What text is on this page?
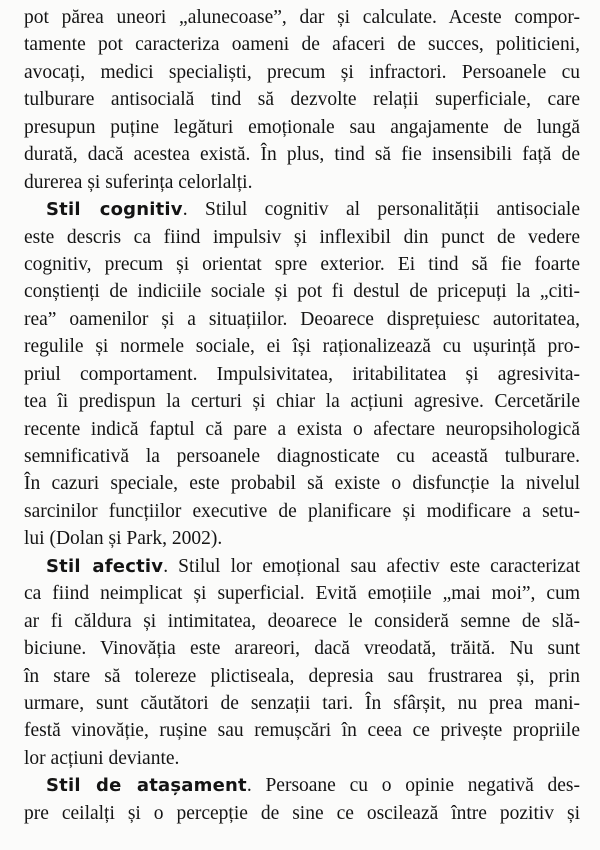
pot părea uneori „alunecoase”, dar și calculate. Aceste compor-
tamente pot caracteriza oameni de afaceri de succes, politicieni,
avocați, medici specialiști, precum și infractori. Persoanele cu
tulburare antisocială tind să dezvolte relații superficiale, care
presupun puține legături emoționale sau angajamente de lungă
durată, dacă acestea există. În plus, tind să fie insensibili față de
durerea și suferința celorlalți.
Stil cognitiv. Stilul cognitiv al personalității antisociale
este descris ca fiind impulsiv și inflexibil din punct de vedere
cognitiv, precum și orientat spre exterior. Ei tind să fie foarte
conștienți de indiciile sociale și pot fi destul de pricepuți la „citi-
rea” oamenilor și a situațiilor. Deoarece disprețuiesc autoritatea,
regulile și normele sociale, ei își raționalizează cu ușurință pro-
priul comportament. Impulsivitatea, iritabilitatea și agresivita-
tea îi predispun la certuri și chiar la acțiuni agresive. Cercetările
recente indică faptul că pare a exista o afectare neuropsihologică
semnificativă la persoanele diagnosticate cu această tulburare.
În cazuri speciale, este probabil să existe o disfuncție la nivelul
sarcinilor funcțiilor executive de planificare și modificare a setu-
lui (Dolan și Park, 2002).
Stil afectiv. Stilul lor emoțional sau afectiv este caracterizat
ca fiind neimplicat și superficial. Evită emoțiile „mai moi”, cum
ar fi căldura și intimitatea, deoarece le consideră semne de slă-
biciune. Vinovăția este arareori, dacă vreodată, trăită. Nu sunt
în stare să tolereze plictiseala, depresia sau frustrarea și, prin
urmare, sunt căutători de senzații tari. În sfârșit, nu prea mani-
festă vinovăție, rușine sau remușcări în ceea ce privește propriile
lor acțiuni deviante.
Stil de atașament. Persoane cu o opinie negativă des-
pre ceilalți și o percepție de sine ce oscilează între pozitiv și
